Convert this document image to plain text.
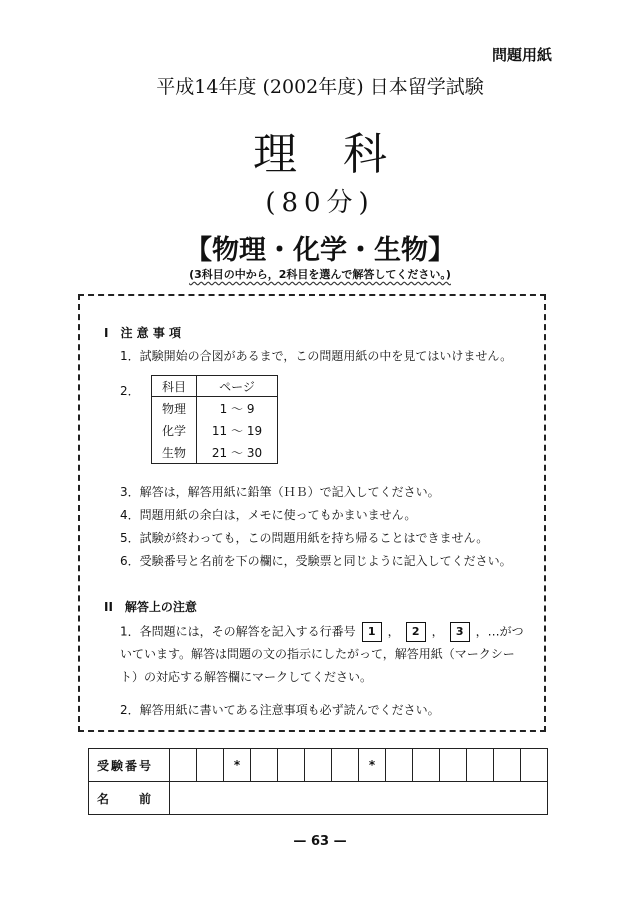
問題用紙
平成14年度 (2002年度) 日本留学試験
理科
(80分)
【物理・化学・生物】
(3科目の中から，2科目を選んで解答してください。)
I　注 意 事 項
1．試験開始の合図があるまで，この問題用紙の中を見てはいけません。
2． 科目	ページ
物理	1 〜 9
化学	11 〜 19
生物	21 〜 30
3．解答は，解答用紙に鉛筆（ＨＢ）で記入してください。
4．問題用紙の余白は，メモに使ってもかまいません。
5．試験が終わっても，この問題用紙を持ち帰ることはできません。
6．受験番号と名前を下の欄に，受験票と同じように記入してください。
II　解答上の注意
1．各問題には，その解答を記入する行番号 1 ， 2 ， 3 ，…がつ
いています。解答は問題の文の指示にしたがって，解答用紙（マークシー
ト）の対応する解答欄にマークしてください。
2．解答用紙に書いてある注意事項も必ず読んでください。
受験番号			*					*						
名　　前														
— 63 —
